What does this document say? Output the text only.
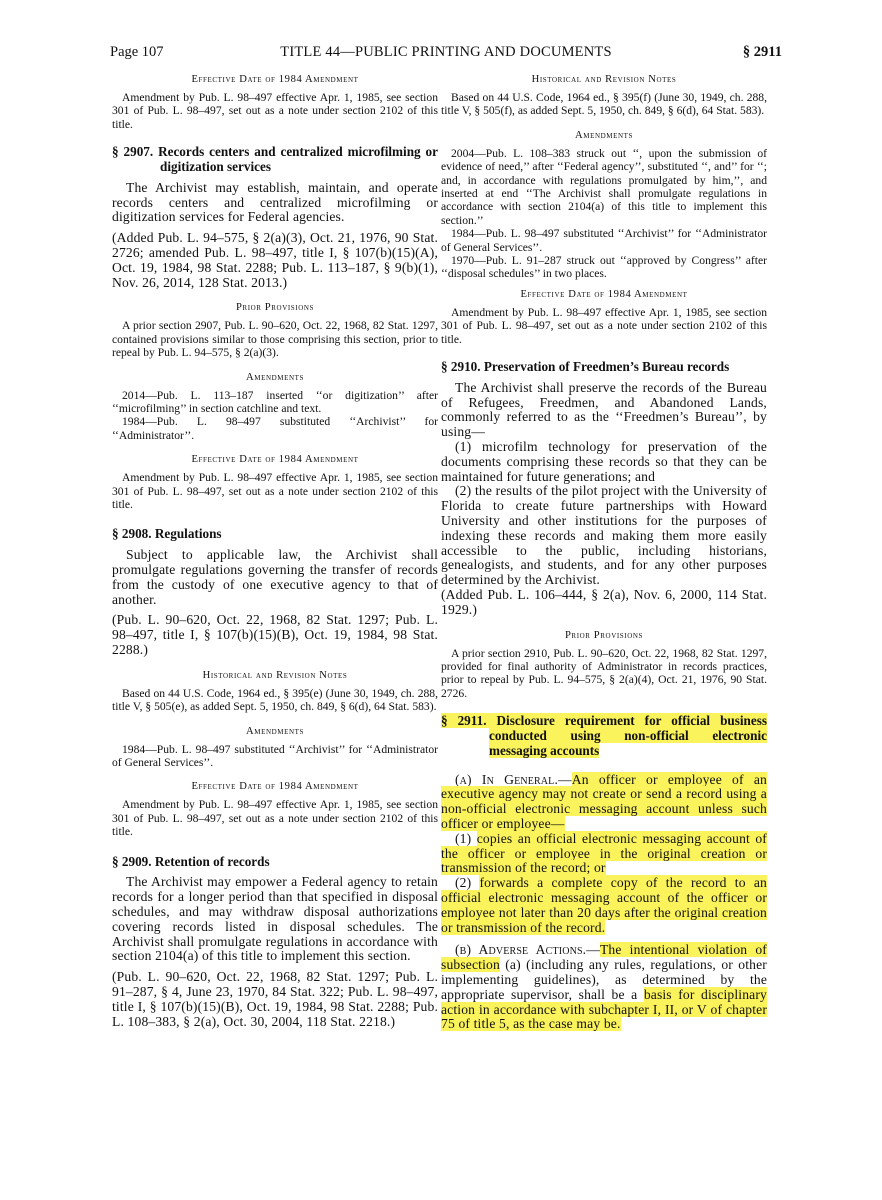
Page 107	TITLE 44—PUBLIC PRINTING AND DOCUMENTS	§ 2911
Effective Date of 1984 Amendment

Amendment by Pub. L. 98–497 effective Apr. 1, 1985, see section 301 of Pub. L. 98–497, set out as a note under section 2102 of this title.

§ 2907. Records centers and centralized microfilming or digitization services

The Archivist may establish, maintain, and operate records centers and centralized microfilming or digitization services for Federal agencies.

(Added Pub. L. 94–575, § 2(a)(3), Oct. 21, 1976, 90 Stat. 2726; amended Pub. L. 98–497, title I, § 107(b)(15)(A), Oct. 19, 1984, 98 Stat. 2288; Pub. L. 113–187, § 9(b)(1), Nov. 26, 2014, 128 Stat. 2013.)

Prior Provisions

A prior section 2907, Pub. L. 90–620, Oct. 22, 1968, 82 Stat. 1297, contained provisions similar to those comprising this section, prior to repeal by Pub. L. 94–575, § 2(a)(3).

Amendments

2014—Pub. L. 113–187 inserted ‘‘or digitization’’ after ‘‘microfilming’’ in section catchline and text.

1984—Pub. L. 98–497 substituted ‘‘Archivist’’ for ‘‘Administrator’’.

Effective Date of 1984 Amendment

Amendment by Pub. L. 98–497 effective Apr. 1, 1985, see section 301 of Pub. L. 98–497, set out as a note under section 2102 of this title.

§ 2908. Regulations

Subject to applicable law, the Archivist shall promulgate regulations governing the transfer of records from the custody of one executive agency to that of another.

(Pub. L. 90–620, Oct. 22, 1968, 82 Stat. 1297; Pub. L. 98–497, title I, § 107(b)(15)(B), Oct. 19, 1984, 98 Stat. 2288.)

Historical and Revision Notes

Based on 44 U.S. Code, 1964 ed., § 395(e) (June 30, 1949, ch. 288, title V, § 505(e), as added Sept. 5, 1950, ch. 849, § 6(d), 64 Stat. 583).

Amendments

1984—Pub. L. 98–497 substituted ‘‘Archivist’’ for ‘‘Administrator of General Services’’.

Effective Date of 1984 Amendment

Amendment by Pub. L. 98–497 effective Apr. 1, 1985, see section 301 of Pub. L. 98–497, set out as a note under section 2102 of this title.

§ 2909. Retention of records

The Archivist may empower a Federal agency to retain records for a longer period than that specified in disposal schedules, and may withdraw disposal authorizations covering records listed in disposal schedules. The Archivist shall promulgate regulations in accordance with section 2104(a) of this title to implement this section.

(Pub. L. 90–620, Oct. 22, 1968, 82 Stat. 1297; Pub. L. 91–287, § 4, June 23, 1970, 84 Stat. 322; Pub. L. 98–497, title I, § 107(b)(15)(B), Oct. 19, 1984, 98 Stat. 2288; Pub. L. 108–383, § 2(a), Oct. 30, 2004, 118 Stat. 2218.)

Historical and Revision Notes

Based on 44 U.S. Code, 1964 ed., § 395(f) (June 30, 1949, ch. 288, title V, § 505(f), as added Sept. 5, 1950, ch. 849, § 6(d), 64 Stat. 583).

Amendments

2004—Pub. L. 108–383 struck out ‘‘, upon the submission of evidence of need,’’ after ‘‘Federal agency’’, substituted ‘‘, and’’ for ‘‘; and, in accordance with regulations promulgated by him,’’, and inserted at end ‘‘The Archivist shall promulgate regulations in accordance with section 2104(a) of this title to implement this section.’’

1984—Pub. L. 98–497 substituted ‘‘Archivist’’ for ‘‘Administrator of General Services’’.

1970—Pub. L. 91–287 struck out ‘‘approved by Congress’’ after ‘‘disposal schedules’’ in two places.

Effective Date of 1984 Amendment

Amendment by Pub. L. 98–497 effective Apr. 1, 1985, see section 301 of Pub. L. 98–497, set out as a note under section 2102 of this title.

§ 2910. Preservation of Freedmen’s Bureau records

The Archivist shall preserve the records of the Bureau of Refugees, Freedmen, and Abandoned Lands, commonly referred to as the ‘‘Freedmen’s Bureau’’, by using—

(1) microfilm technology for preservation of the documents comprising these records so that they can be maintained for future generations; and

(2) the results of the pilot project with the University of Florida to create future partnerships with Howard University and other institutions for the purposes of indexing these records and making them more easily accessible to the public, including historians, genealogists, and students, and for any other purposes determined by the Archivist.

(Added Pub. L. 106–444, § 2(a), Nov. 6, 2000, 114 Stat. 1929.)

Prior Provisions

A prior section 2910, Pub. L. 90–620, Oct. 22, 1968, 82 Stat. 1297, provided for final authority of Administrator in records practices, prior to repeal by Pub. L. 94–575, § 2(a)(4), Oct. 21, 1976, 90 Stat. 2726.

§ 2911. Disclosure requirement for official business conducted using non-official electronic messaging accounts

(a) In General.—An officer or employee of an executive agency may not create or send a record using a non-official electronic messaging account unless such officer or employee—

(1) copies an official electronic messaging account of the officer or employee in the original creation or transmission of the record; or

(2) forwards a complete copy of the record to an official electronic messaging account of the officer or employee not later than 20 days after the original creation or transmission of the record.

(b) Adverse Actions.—The intentional violation of subsection (a) (including any rules, regulations, or other implementing guidelines), as determined by the appropriate supervisor, shall be a basis for disciplinary action in accordance with subchapter I, II, or V of chapter 75 of title 5, as the case may be.
